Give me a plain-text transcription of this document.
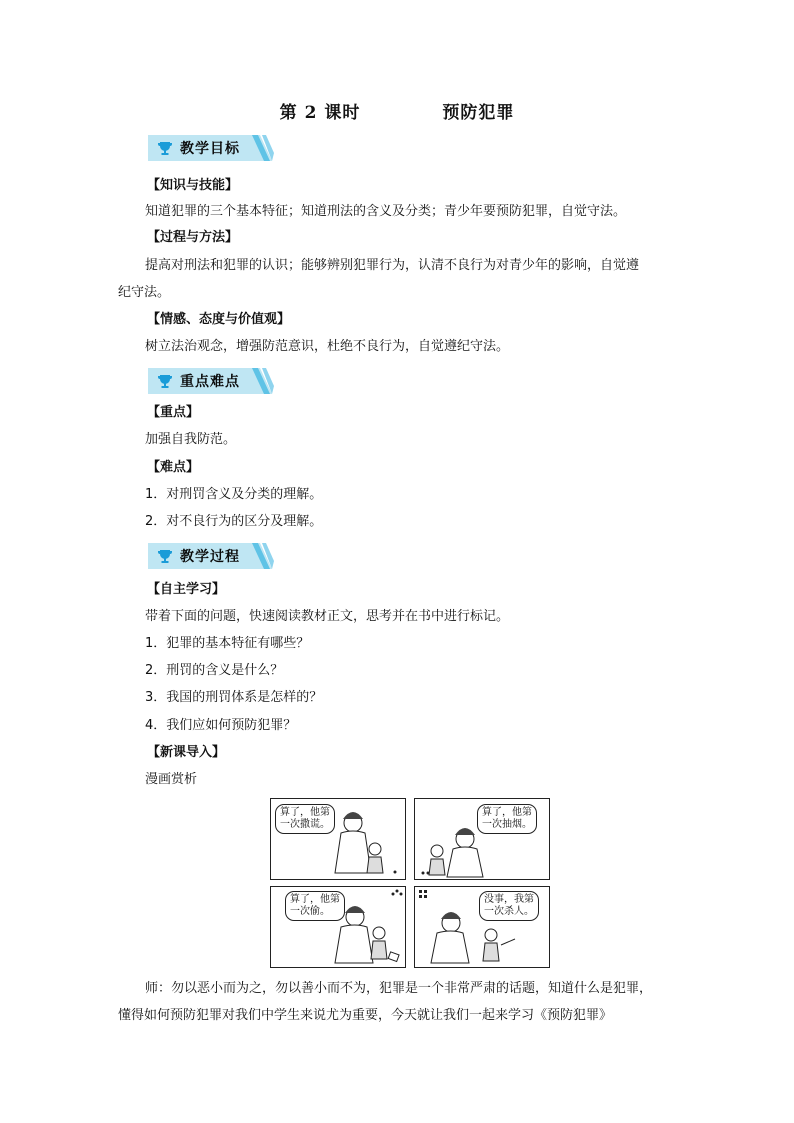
第 2 课时	预防犯罪
教学目标
【知识与技能】
知道犯罪的三个基本特征；知道刑法的含义及分类；青少年要预防犯罪，自觉守法。
【过程与方法】
提高对刑法和犯罪的认识；能够辨别犯罪行为，认清不良行为对青少年的影响，自觉遵
纪守法。
【情感、态度与价值观】
树立法治观念，增强防范意识，杜绝不良行为，自觉遵纪守法。
重点难点
【重点】
加强自我防范。
【难点】
1．对刑罚含义及分类的理解。
2．对不良行为的区分及理解。
教学过程
【自主学习】
带着下面的问题，快速阅读教材正文，思考并在书中进行标记。
1．犯罪的基本特征有哪些？
2．刑罚的含义是什么？
3．我国的刑罚体系是怎样的？
4．我们应如何预防犯罪？
【新课导入】
漫画赏析
算了，他第
一次撒谎。
算了，他第
一次抽烟。
算了，他第
一次偷。
没事，我第
一次杀人。
师：勿以恶小而为之，勿以善小而不为，犯罪是一个非常严肃的话题，知道什么是犯罪，
懂得如何预防犯罪对我们中学生来说尤为重要，今天就让我们一起来学习《预防犯罪》
